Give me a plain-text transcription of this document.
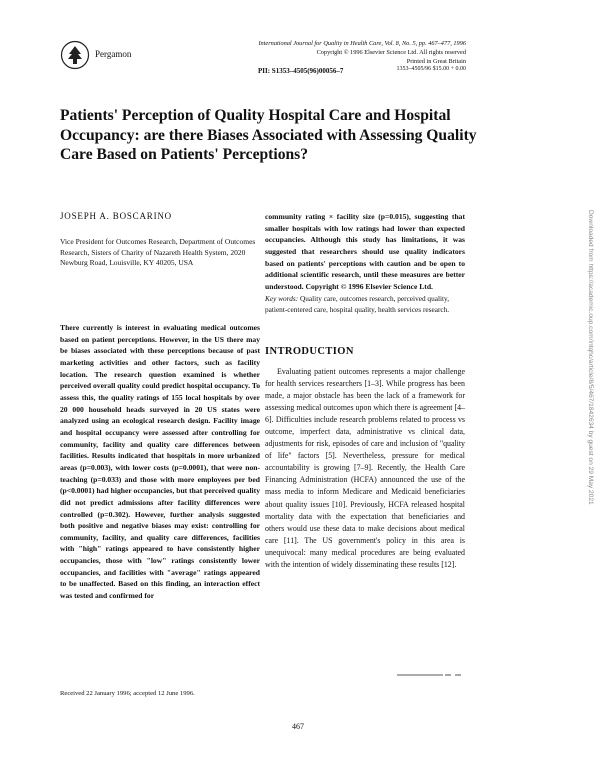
Pergamon
International Journal for Quality in Health Care, Vol. 8, No. 5, pp. 467–477, 1996
Copyright © 1996 Elsevier Science Ltd. All rights reserved
Printed in Great Britain
PII: S1353–4505(96)00056–7	1353–4505/96 $15.00 + 0.00
Patients' Perception of Quality Hospital Care and Hospital Occupancy: are there Biases Associated with Assessing Quality Care Based on Patients' Perceptions?
JOSEPH A. BOSCARINO
Vice President for Outcomes Research, Department of Outcomes Research, Sisters of Charity of Nazareth Health System, 2020 Newburg Road, Louisville, KY 40205, USA
There currently is interest in evaluating medical outcomes based on patient perceptions. However, in the US there may be biases associated with these perceptions because of past marketing activities and other factors, such as facility location. The research question examined is whether perceived overall quality could predict hospital occupancy. To assess this, the quality ratings of 155 local hospitals by over 20 000 household heads surveyed in 20 US states were analyzed using an ecological research design. Facility image and hospital occupancy were assessed after controlling for community, facility and quality care differences between facilities. Results indicated that hospitals in more urbanized areas (p=0.003), with lower costs (p=0.0001), that were non-teaching (p=0.033) and those with more employees per bed (p<0.0001) had higher occupancies, but that perceived quality did not predict admissions after facility differences were controlled (p=0.302). However, further analysis suggested both positive and negative biases may exist: controlling for community, facility, and quality care differences, facilities with "high" ratings appeared to have consistently higher occupancies, those with "low" ratings consistently lower occupancies, and facilities with "average" ratings appeared to be unaffected. Based on this finding, an interaction effect was tested and confirmed for
community rating × facility size (p=0.015), suggesting that smaller hospitals with low ratings had lower than expected occupancies. Although this study has limitations, it was suggested that researchers should use quality indicators based on patients' perceptions with caution and be open to additional scientific research, until these measures are better understood. Copyright © 1996 Elsevier Science Ltd.
Key words: Quality care, outcomes research, perceived quality, patient-centered care, hospital quality, health services research.
INTRODUCTION

Evaluating patient outcomes represents a major challenge for health services researchers [1–3]. While progress has been made, a major obstacle has been the lack of a framework for assessing medical outcomes upon which there is agreement [4–6]. Difficulties include research problems related to process vs outcome, imperfect data, administrative vs clinical data, adjustments for risk, episodes of care and inclusion of "quality of life" factors [5]. Nevertheless, pressure for medical accountability is growing [7–9]. Recently, the Health Care Financing Administration (HCFA) announced the use of the mass media to inform Medicare and Medicaid beneficiaries about quality issues [10]. Previously, HCFA released hospital mortality data with the expectation that beneficiaries and others would use these data to make decisions about medical care [11]. The US government's policy in this area is unequivocal: many medical procedures are being evaluated with the intention of widely disseminating these results [12].

Received 22 January 1996; accepted 12 June 1996.
467
Downloaded from https://academic.oup.com/intqhc/article/8/5/467/1842634 by guest on 29 May 2021
